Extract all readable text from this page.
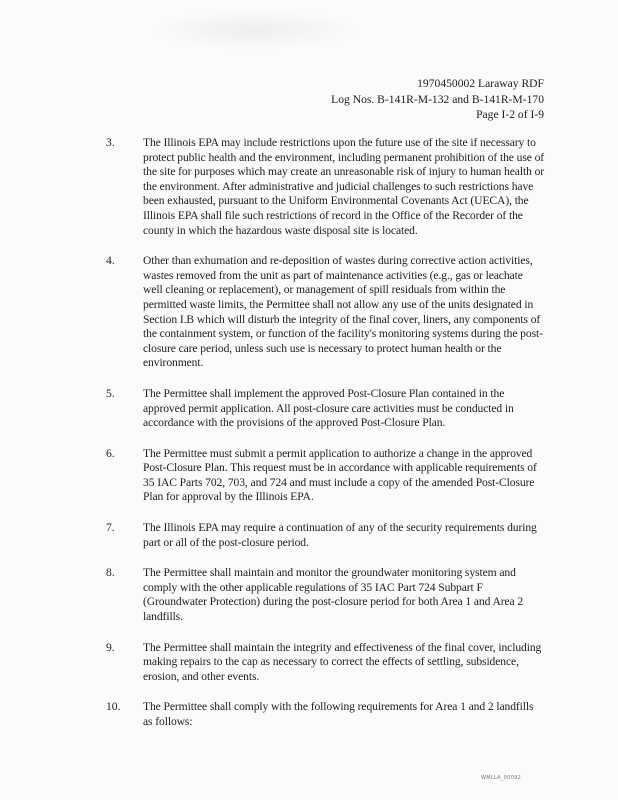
1970450002 Laraway RDF
Log Nos. B-141R-M-132 and B-141R-M-170
Page I-2 of I-9
3. The Illinois EPA may include restrictions upon the future use of the site if necessary to protect public health and the environment, including permanent prohibition of the use of the site for purposes which may create an unreasonable risk of injury to human health or the environment. After administrative and judicial challenges to such restrictions have been exhausted, pursuant to the Uniform Environmental Covenants Act (UECA), the Illinois EPA shall file such restrictions of record in the Office of the Recorder of the county in which the hazardous waste disposal site is located.
4. Other than exhumation and re-deposition of wastes during corrective action activities, wastes removed from the unit as part of maintenance activities (e.g., gas or leachate well cleaning or replacement), or management of spill residuals from within the permitted waste limits, the Permittee shall not allow any use of the units designated in Section I.B which will disturb the integrity of the final cover, liners, any components of the containment system, or function of the facility's monitoring systems during the post-closure care period, unless such use is necessary to protect human health or the environment.
5. The Permittee shall implement the approved Post-Closure Plan contained in the approved permit application. All post-closure care activities must be conducted in accordance with the provisions of the approved Post-Closure Plan.
6. The Permittee must submit a permit application to authorize a change in the approved Post-Closure Plan. This request must be in accordance with applicable requirements of 35 IAC Parts 702, 703, and 724 and must include a copy of the amended Post-Closure Plan for approval by the Illinois EPA.
7. The Illinois EPA may require a continuation of any of the security requirements during part or all of the post-closure period.
8. The Permittee shall maintain and monitor the groundwater monitoring system and comply with the other applicable regulations of 35 IAC Part 724 Subpart F (Groundwater Protection) during the post-closure period for both Area 1 and Area 2 landfills.
9. The Permittee shall maintain the integrity and effectiveness of the final cover, including making repairs to the cap as necessary to correct the effects of settling, subsidence, erosion, and other events.
10. The Permittee shall comply with the following requirements for Area 1 and 2 landfills as follows:
WMLLA_00092
